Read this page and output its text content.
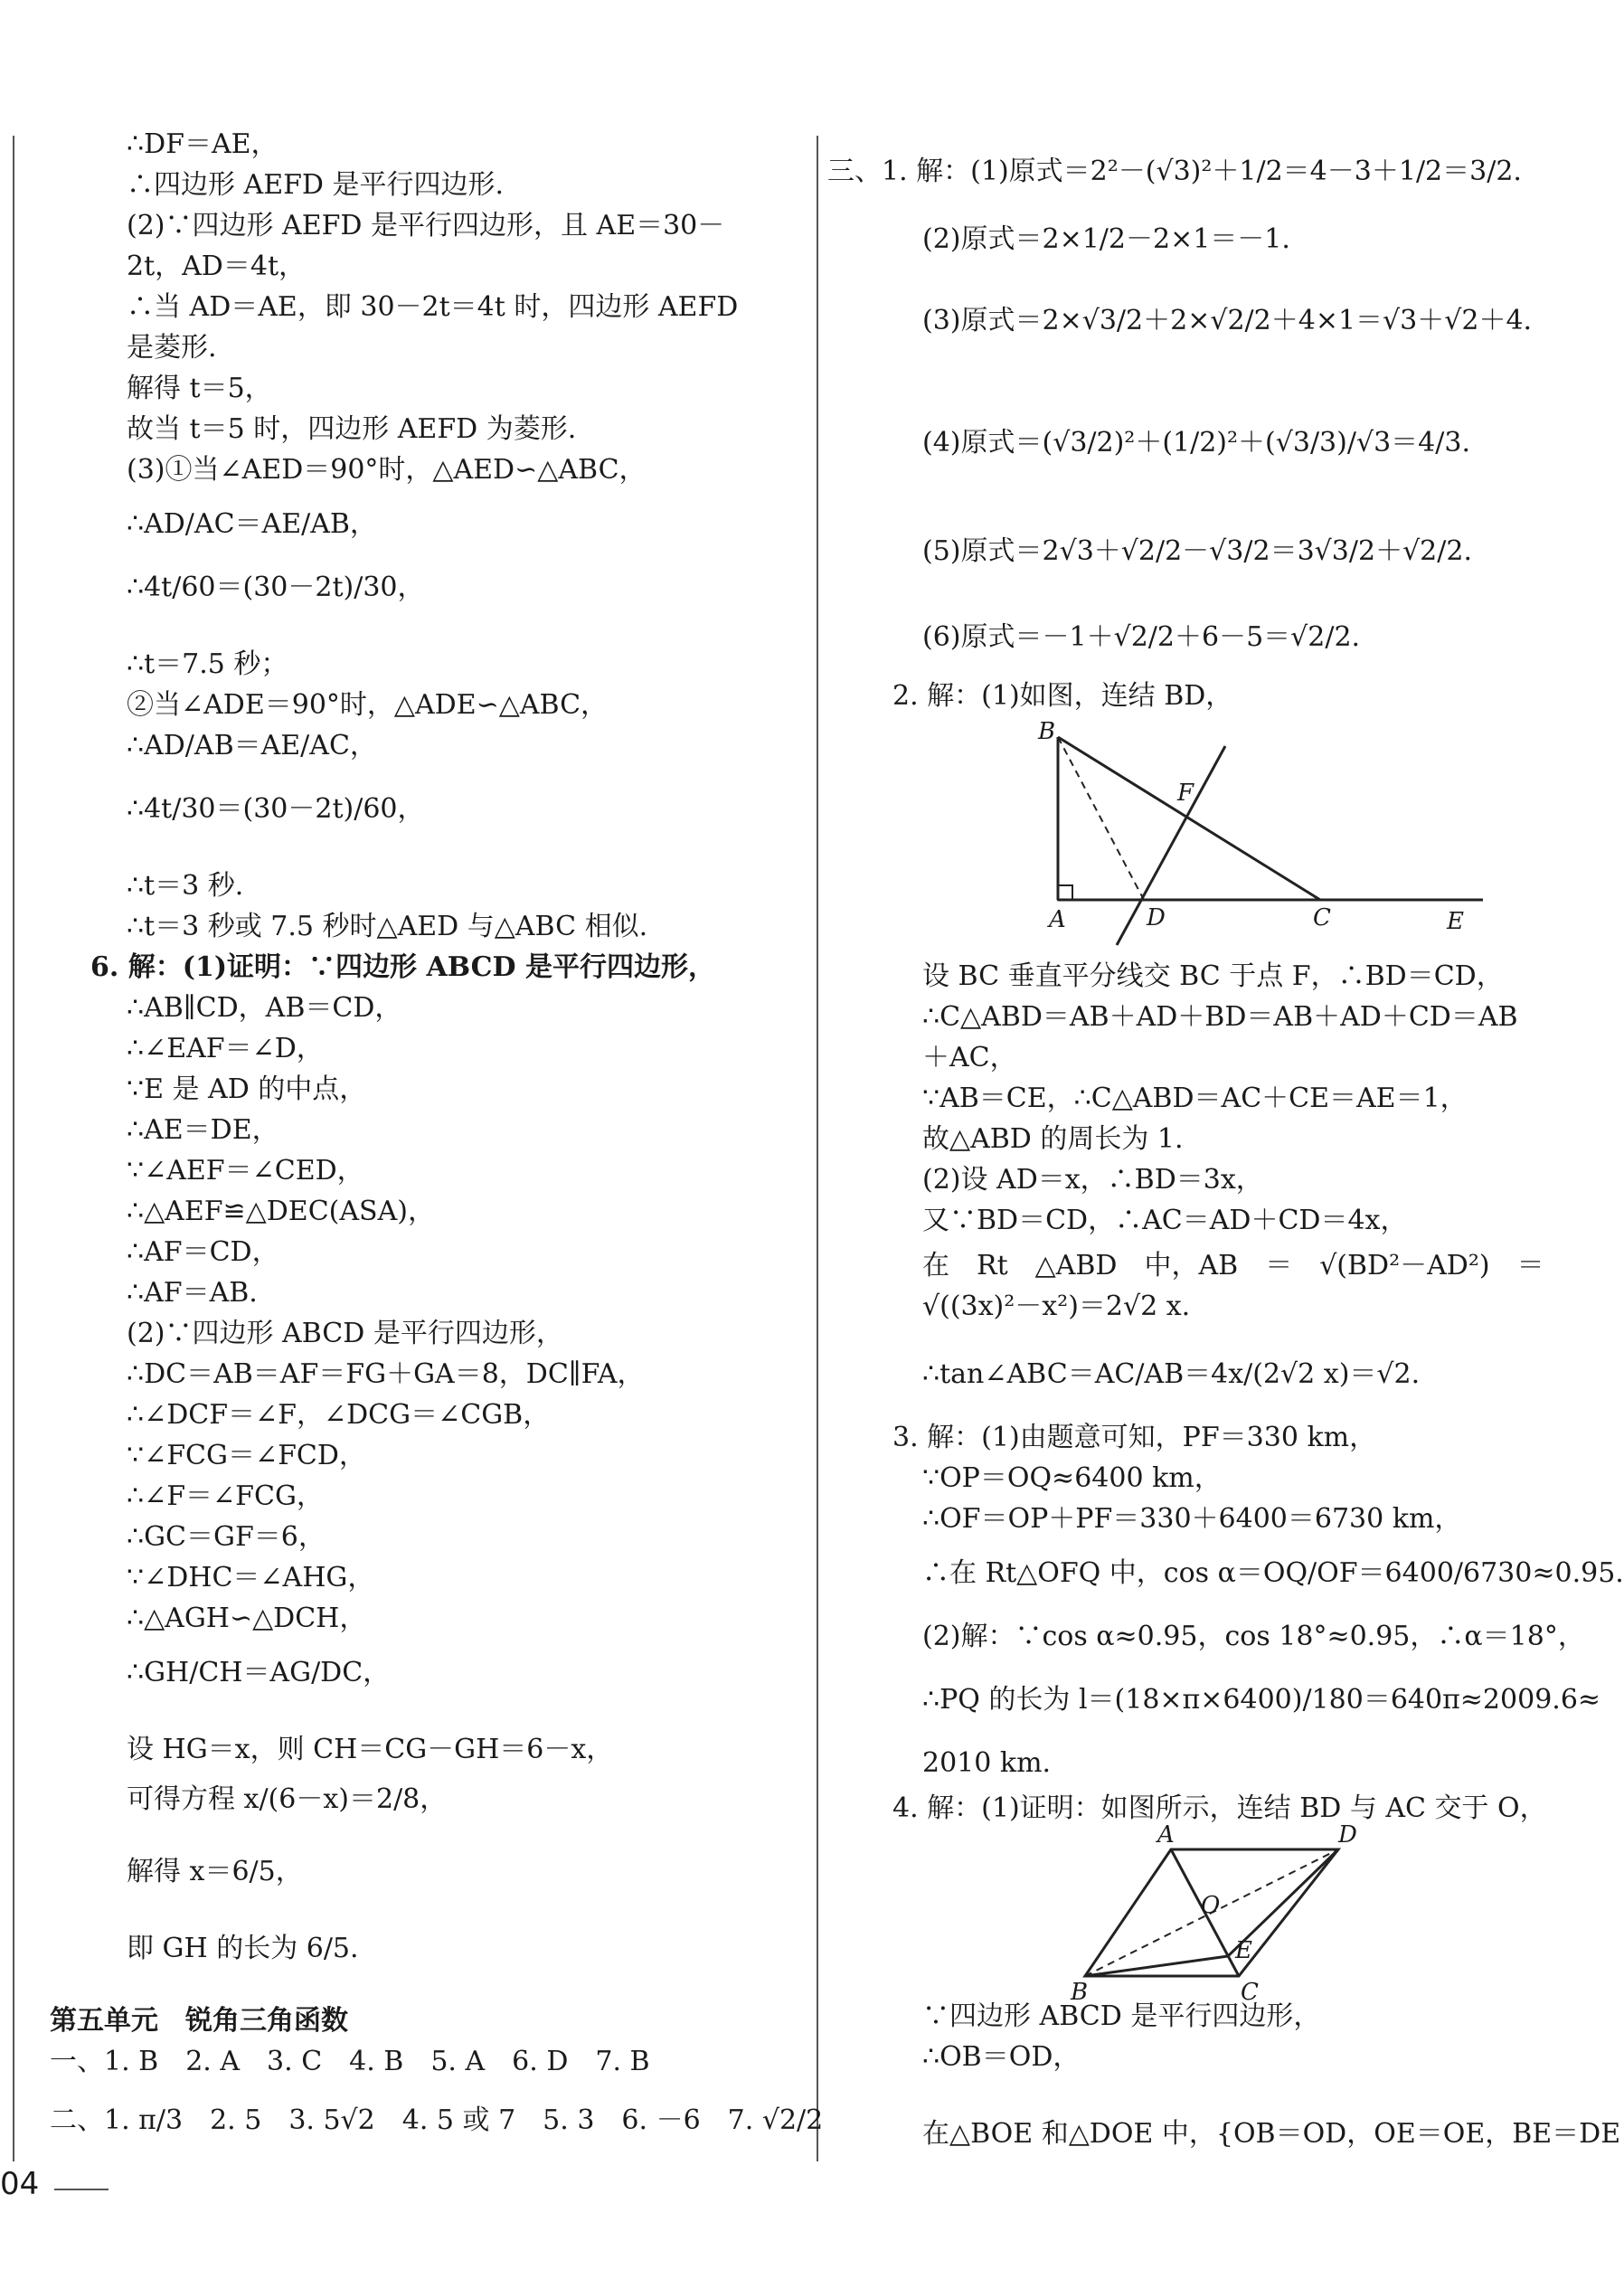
∴DF＝AE，
∴四边形 AEFD 是平行四边形.
(2)∵四边形 AEFD 是平行四边形，且 AE＝30－
2t，AD＝4t，
∴当 AD＝AE，即 30－2t＝4t 时，四边形 AEFD
是菱形.
解得 t＝5，
故当 t＝5 时，四边形 AEFD 为菱形.
(3)①当∠AED＝90°时，△AED∽△ABC，
∴AD/AC＝AE/AB，
∴4t/60＝(30－2t)/30，
∴t＝7.5 秒；
②当∠ADE＝90°时，△ADE∽△ABC，
∴AD/AB＝AE/AC，
∴4t/30＝(30－2t)/60，
∴t＝3 秒.
∴t＝3 秒或 7.5 秒时△AED 与△ABC 相似.
6. 解：(1)证明：∵四边形 ABCD 是平行四边形，
∴AB∥CD，AB＝CD，
∴∠EAF＝∠D，
∵E 是 AD 的中点，
∴AE＝DE，
∵∠AEF＝∠CED，
∴△AEF≌△DEC(ASA)，
∴AF＝CD，
∴AF＝AB.
(2)∵四边形 ABCD 是平行四边形，
∴DC＝AB＝AF＝FG＋GA＝8，DC∥FA，
∴∠DCF＝∠F，∠DCG＝∠CGB，
∵∠FCG＝∠FCD，
∴∠F＝∠FCG，
∴GC＝GF＝6，
∵∠DHC＝∠AHG，
∴△AGH∽△DCH，
∴GH/CH＝AG/DC，
设 HG＝x，则 CH＝CG－GH＝6－x，
可得方程 x/(6－x)＝2/8，
解得 x＝6/5，
即 GH 的长为 6/5.
第五单元　锐角三角函数
一、1. B　2. A　3. C　4. B　5. A　6. D　7. B
二、1. π/3　2. 5　3. 5√2　4. 5 或 7　5. 3　6. －6　7. √2/2
三、1. 解：(1)原式＝2²－(√3)²＋1/2＝4－3＋1/2＝3/2.
(2)原式＝2×1/2－2×1＝－1.
(3)原式＝2×√3/2＋2×√2/2＋4×1＝√3＋√2＋4.
(4)原式＝(√3/2)²＋(1/2)²＋(√3/3)/√3＝4/3.
(5)原式＝2√3＋√2/2－√3/2＝3√3/2＋√2/2.
(6)原式＝－1＋√2/2＋6－5＝√2/2.
2. 解：(1)如图，连结 BD，
设 BC 垂直平分线交 BC 于点 F，∴BD＝CD，
∴C△ABD＝AB＋AD＋BD＝AB＋AD＋CD＝AB
＋AC，
∵AB＝CE，∴C△ABD＝AC＋CE＝AE＝1，
故△ABD 的周长为 1.
(2)设 AD＝x，∴BD＝3x，
又∵BD＝CD，∴AC＝AD＋CD＝4x，
在　Rt　△ABD　中，AB　＝　√(BD²－AD²)　＝
√((3x)²－x²)＝2√2 x.
∴tan∠ABC＝AC/AB＝4x/(2√2 x)＝√2.
3. 解：(1)由题意可知，PF＝330 km，
∵OP＝OQ≈6400 km，
∴OF＝OP＋PF＝330＋6400＝6730 km，
∴在 Rt△OFQ 中，cos α＝OQ/OF＝6400/6730≈0.95.
(2)解：∵cos α≈0.95，cos 18°≈0.95，∴α＝18°，
∴PQ 的长为 l＝(18×π×6400)/180＝640π≈2009.6≈
2010 km.
4. 解：(1)证明：如图所示，连结 BD 与 AC 交于 O，
∵四边形 ABCD 是平行四边形，
∴OB＝OD，
在△BOE 和△DOE 中，{OB＝OD，OE＝OE，BE＝DE
B
F
A	D	C	E
A	D
O
B
E
C
04
